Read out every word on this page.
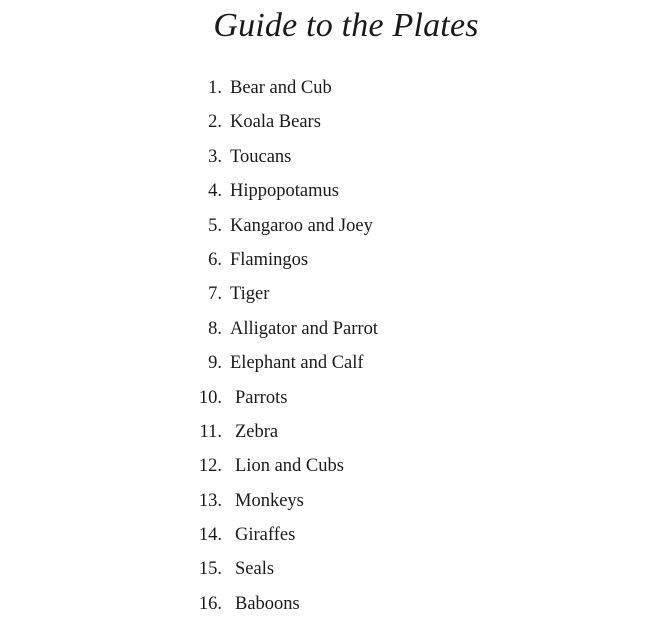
Guide to the Plates
1. Bear and Cub
2. Koala Bears
3. Toucans
4. Hippopotamus
5. Kangaroo and Joey
6. Flamingos
7. Tiger
8. Alligator and Parrot
9. Elephant and Calf
10. Parrots
11. Zebra
12. Lion and Cubs
13. Monkeys
14. Giraffes
15. Seals
16. Baboons
